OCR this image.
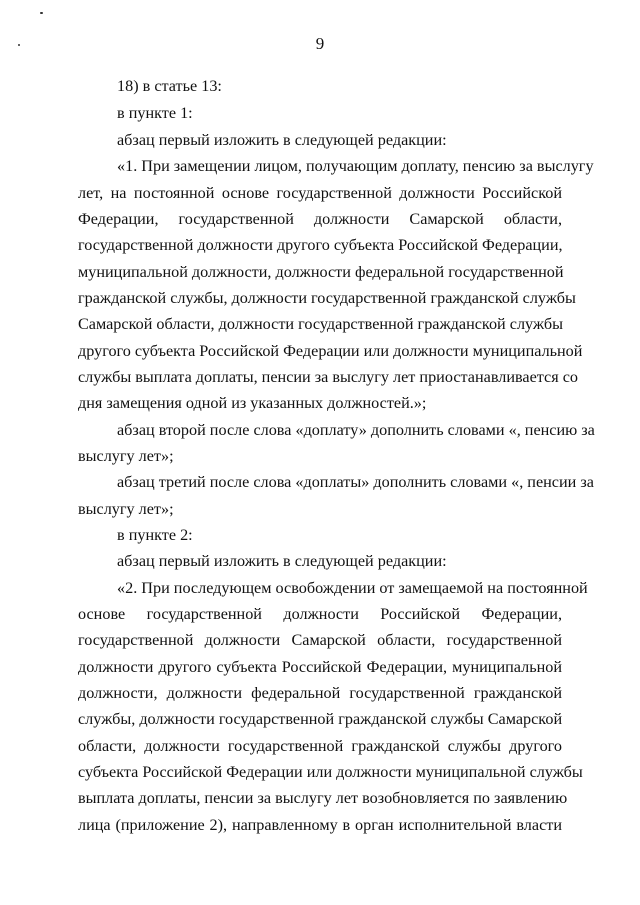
9
18) в статье 13:
в пункте 1:
абзац первый изложить в следующей редакции:
«1. При замещении лицом, получающим доплату, пенсию за выслугу
лет, на постоянной основе государственной должности Российской
Федерации, государственной должности Самарской области,
государственной должности другого субъекта Российской Федерации,
муниципальной должности, должности федеральной государственной
гражданской службы, должности государственной гражданской службы
Самарской области, должности государственной гражданской службы
другого субъекта Российской Федерации или должности муниципальной
службы выплата доплаты, пенсии за выслугу лет приостанавливается со
дня замещения одной из указанных должностей.»;
абзац второй после слова «доплату» дополнить словами «, пенсию за
выслугу лет»;
абзац третий после слова «доплаты» дополнить словами «, пенсии за
выслугу лет»;
в пункте 2:
абзац первый изложить в следующей редакции:
«2. При последующем освобождении от замещаемой на постоянной
основе государственной должности Российской Федерации,
государственной должности Самарской области, государственной
должности другого субъекта Российской Федерации, муниципальной
должности, должности федеральной государственной гражданской
службы, должности государственной гражданской службы Самарской
области, должности государственной гражданской службы другого
субъекта Российской Федерации или должности муниципальной службы
выплата доплаты, пенсии за выслугу лет возобновляется по заявлению
лица (приложение 2), направленному в орган исполнительной власти
